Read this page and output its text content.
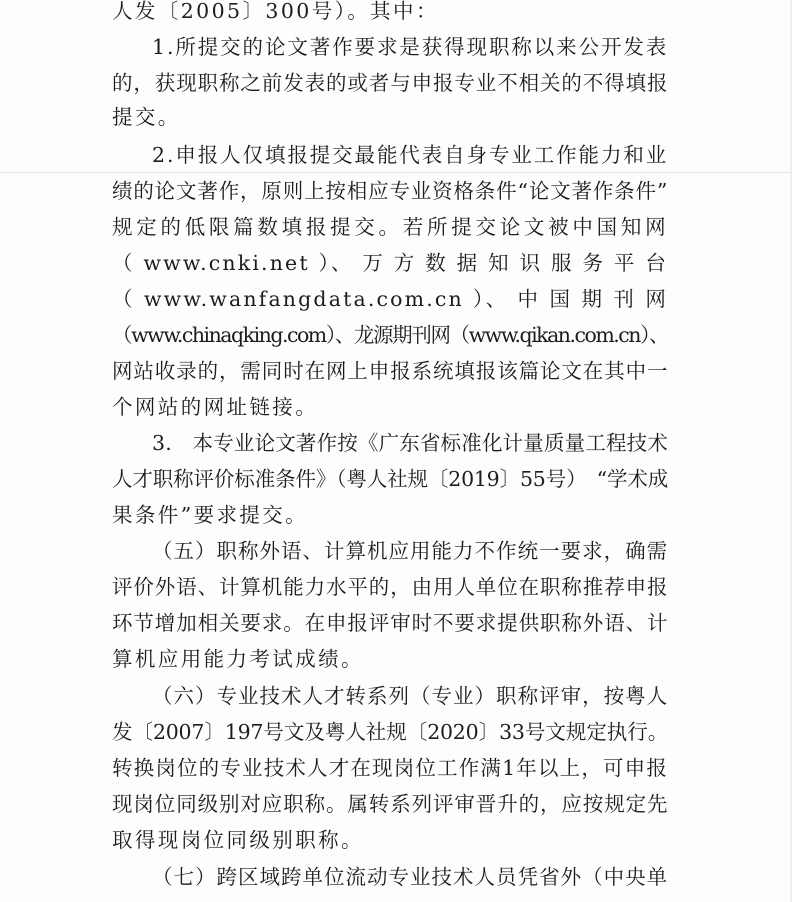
人发〔2005〕300号）。其中：
1.所提交的论文著作要求是获得现职称以来公开发表
的，获现职称之前发表的或者与申报专业不相关的不得填报
提交。
2.申报人仅填报提交最能代表自身专业工作能力和业
绩的论文著作，原则上按相应专业资格条件“论文著作条件”
规定的低限篇数填报提交。若所提交论文被中国知网
（ www.cnki.net ）、 万 方 数 据 知 识 服 务 平 台
（ www.wanfangdata.com.cn ）、 中 国 期 刊 网
（www.chinaqking.com）、龙源期刊网（www.qikan.com.cn）、
网站收录的，需同时在网上申报系统填报该篇论文在其中一
个网站的网址链接。
3.　本专业论文著作按《广东省标准化计量质量工程技术
人才职称评价标准条件》（粤人社规〔2019〕55号）　“学术成
果条件”要求提交。
（五）职称外语、计算机应用能力不作统一要求，确需
评价外语、计算机能力水平的，由用人单位在职称推荐申报
环节增加相关要求。在申报评审时不要求提供职称外语、计
算机应用能力考试成绩。
（六）专业技术人才转系列（专业）职称评审，按粤人
发〔2007〕197号文及粤人社规〔2020〕33号文规定执行。
转换岗位的专业技术人才在现岗位工作满1年以上，可申报
现岗位同级别对应职称。属转系列评审晋升的，应按规定先
取得现岗位同级别职称。
（七）跨区域跨单位流动专业技术人员凭省外（中央单
